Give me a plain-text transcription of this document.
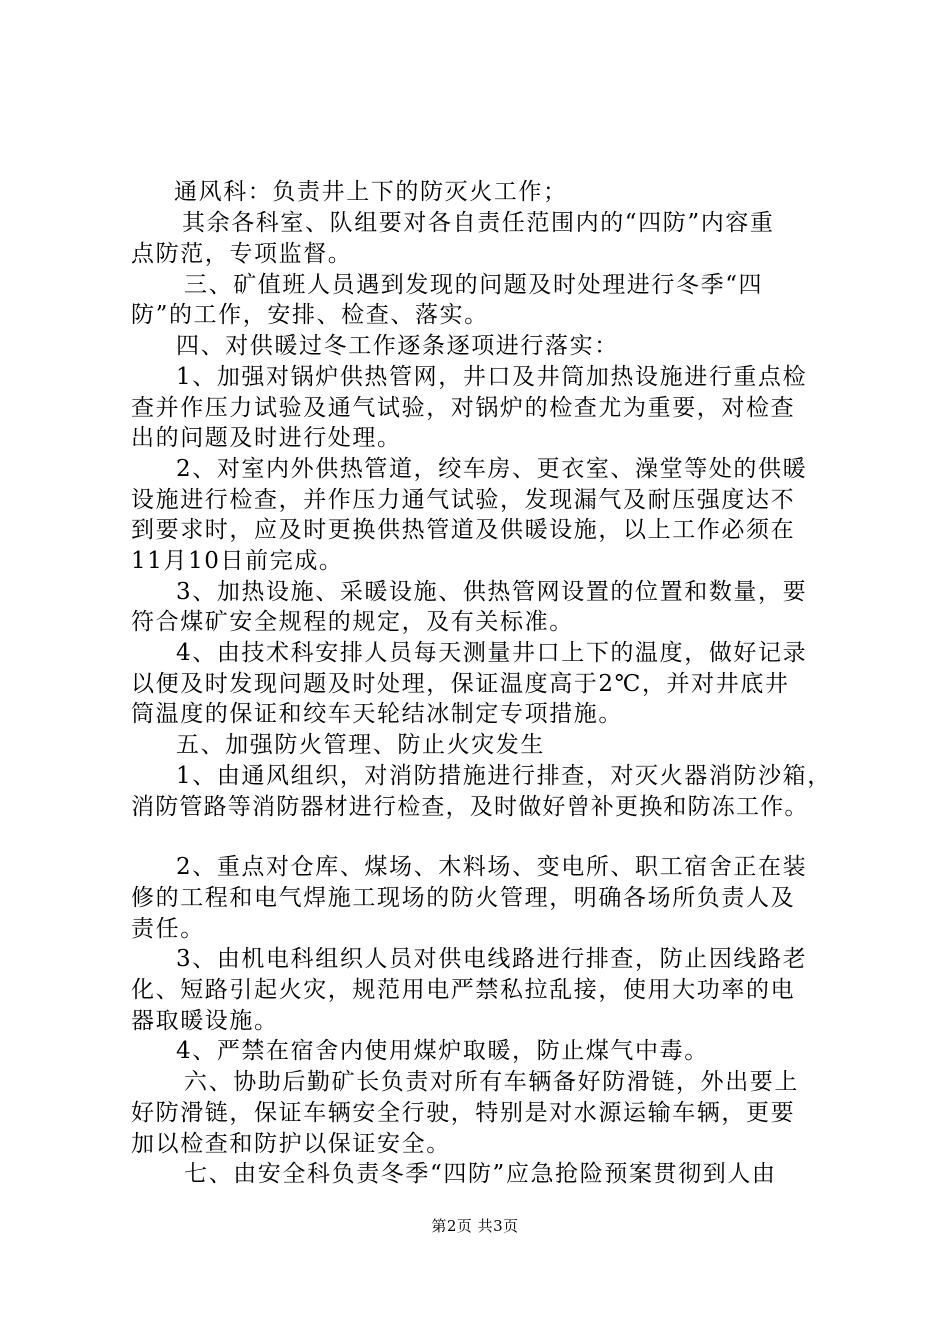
通风科：负责井上下的防灭火工作；
其余各科室、队组要对各自责任范围内的“四防”内容重
点防范，专项监督。
三、矿值班人员遇到发现的问题及时处理进行冬季“四
防”的工作，安排、检查、落实。
四、对供暖过冬工作逐条逐项进行落实：
1、加强对锅炉供热管网，井口及井筒加热设施进行重点检
查并作压力试验及通气试验，对锅炉的检查尤为重要，对检查
出的问题及时进行处理。
2、对室内外供热管道，绞车房、更衣室、澡堂等处的供暖
设施进行检查，并作压力通气试验，发现漏气及耐压强度达不
到要求时，应及时更换供热管道及供暖设施，以上工作必须在
11月10日前完成。
3、加热设施、采暖设施、供热管网设置的位置和数量，要
符合煤矿安全规程的规定，及有关标准。
4、由技术科安排人员每天测量井口上下的温度，做好记录
以便及时发现问题及时处理，保证温度高于2℃，并对井底井
筒温度的保证和绞车天轮结冰制定专项措施。
五、加强防火管理、防止火灾发生
1、由通风组织，对消防措施进行排查，对灭火器消防沙箱，
消防管路等消防器材进行检查，及时做好曾补更换和防冻工作。
2、重点对仓库、煤场、木料场、变电所、职工宿舍正在装
修的工程和电气焊施工现场的防火管理，明确各场所负责人及
责任。
3、由机电科组织人员对供电线路进行排查，防止因线路老
化、短路引起火灾，规范用电严禁私拉乱接，使用大功率的电
器取暖设施。
4、严禁在宿舍内使用煤炉取暖，防止煤气中毒。
六、协助后勤矿长负责对所有车辆备好防滑链，外出要上
好防滑链，保证车辆安全行驶，特别是对水源运输车辆，更要
加以检查和防护以保证安全。
七、由安全科负责冬季“四防”应急抢险预案贯彻到人由
第2页 共3页
